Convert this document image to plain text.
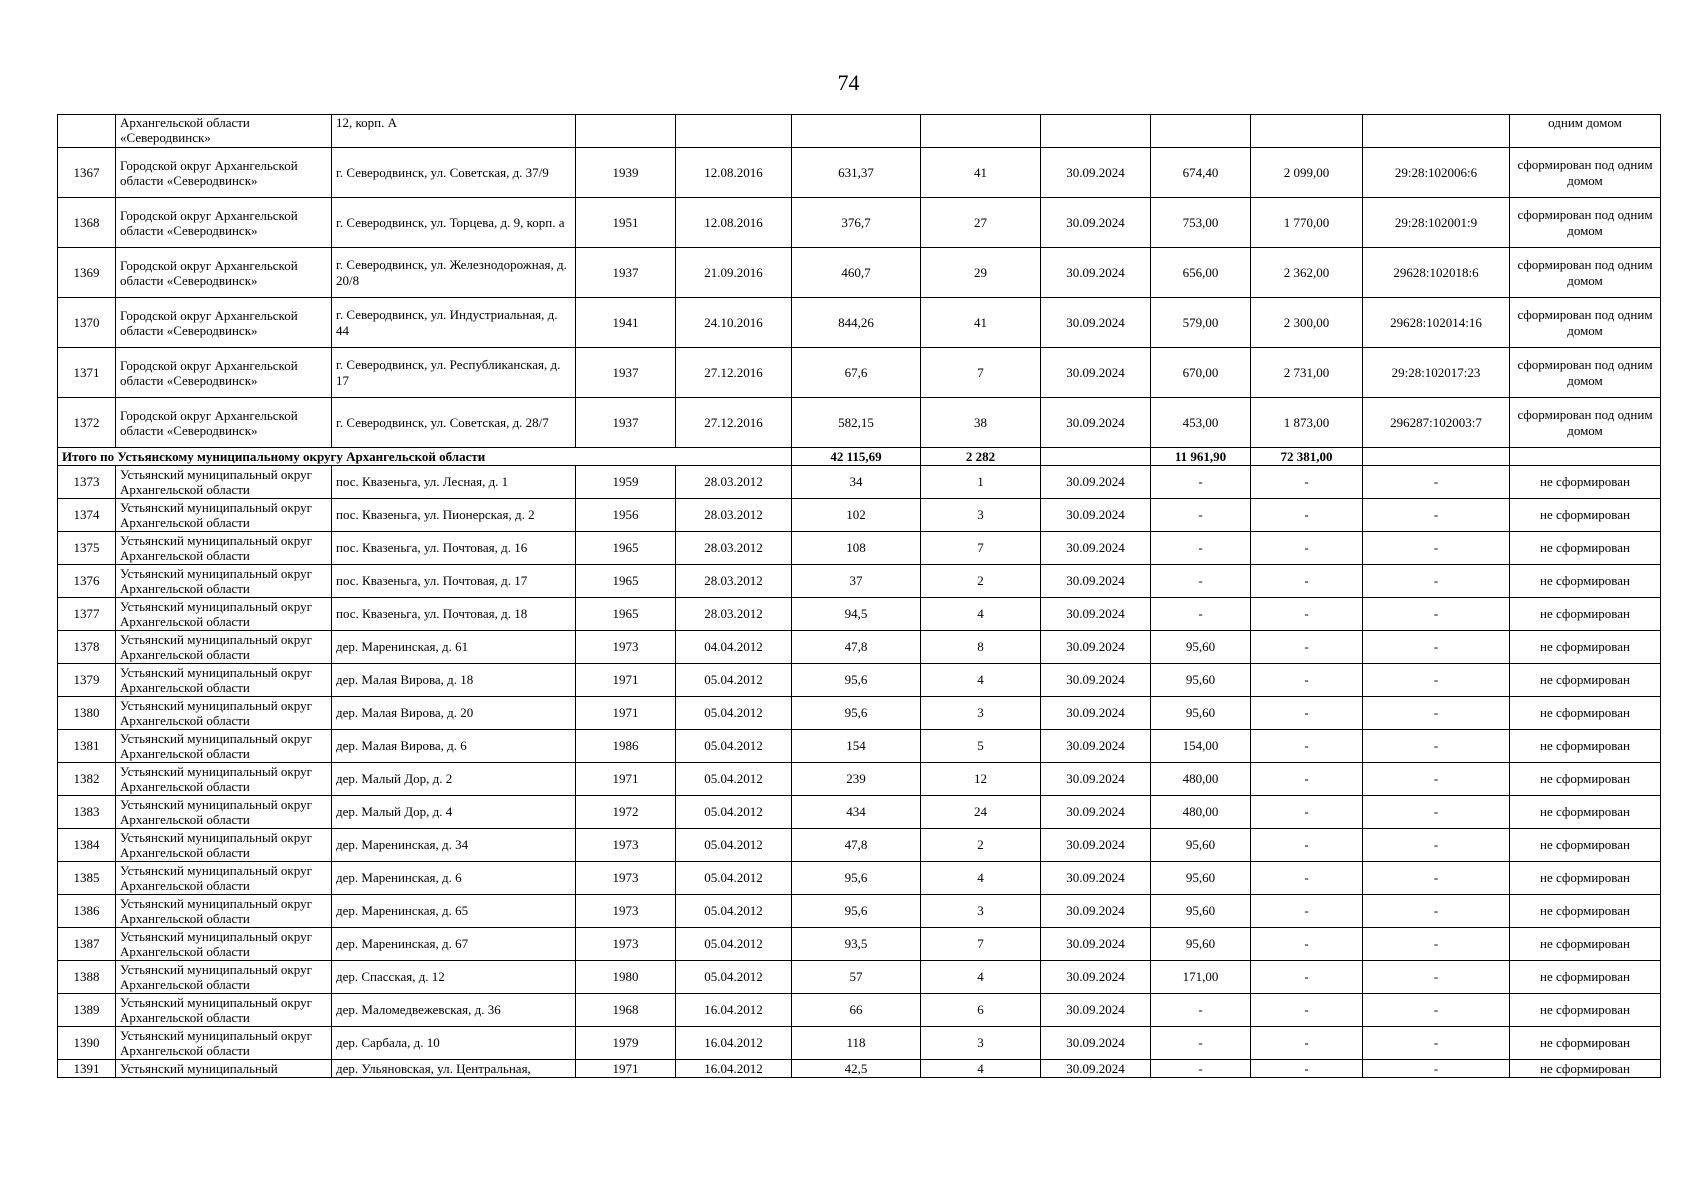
74
	Архангельской области «Северодвинск»	12, корп. А									одним домом
1367	Городской округ Архангельской области «Северодвинск»	г. Северодвинск, ул. Советская, д. 37/9	1939	12.08.2016	631,37	41	30.09.2024	674,40	2 099,00	29:28:102006:6	сформирован под одним домом
1368	Городской округ Архангельской области «Северодвинск»	г. Северодвинск, ул. Торцева, д. 9, корп. а	1951	12.08.2016	376,7	27	30.09.2024	753,00	1 770,00	29:28:102001:9	сформирован под одним домом
1369	Городской округ Архангельской области «Северодвинск»	г. Северодвинск, ул. Железнодорожная, д. 20/8	1937	21.09.2016	460,7	29	30.09.2024	656,00	2 362,00	29628:102018:6	сформирован под одним домом
1370	Городской округ Архангельской области «Северодвинск»	г. Северодвинск, ул. Индустриальная, д. 44	1941	24.10.2016	844,26	41	30.09.2024	579,00	2 300,00	29628:102014:16	сформирован под одним домом
1371	Городской округ Архангельской области «Северодвинск»	г. Северодвинск, ул. Республиканская, д. 17	1937	27.12.2016	67,6	7	30.09.2024	670,00	2 731,00	29:28:102017:23	сформирован под одним домом
1372	Городской округ Архангельской области «Северодвинск»	г. Северодвинск, ул. Советская, д. 28/7	1937	27.12.2016	582,15	38	30.09.2024	453,00	1 873,00	296287:102003:7	сформирован под одним домом
Итого по Устьянскому муниципальному округу Архангельской области					42 115,69	2 282		11 961,90	72 381,00		
1373	Устьянский муниципальный округ Архангельской области	пос. Квазеньга, ул. Лесная, д. 1	1959	28.03.2012	34	1	30.09.2024	-	-	-	не сформирован
1374	Устьянский муниципальный округ Архангельской области	пос. Квазеньга, ул. Пионерская, д. 2	1956	28.03.2012	102	3	30.09.2024	-	-	-	не сформирован
1375	Устьянский муниципальный округ Архангельской области	пос. Квазеньга, ул. Почтовая, д. 16	1965	28.03.2012	108	7	30.09.2024	-	-	-	не сформирован
1376	Устьянский муниципальный округ Архангельской области	пос. Квазеньга, ул. Почтовая, д. 17	1965	28.03.2012	37	2	30.09.2024	-	-	-	не сформирован
1377	Устьянский муниципальный округ Архангельской области	пос. Квазеньга, ул. Почтовая, д. 18	1965	28.03.2012	94,5	4	30.09.2024	-	-	-	не сформирован
1378	Устьянский муниципальный округ Архангельской области	дер. Маренинская, д. 61	1973	04.04.2012	47,8	8	30.09.2024	95,60	-	-	не сформирован
1379	Устьянский муниципальный округ Архангельской области	дер. Малая Вирова, д. 18	1971	05.04.2012	95,6	4	30.09.2024	95,60	-	-	не сформирован
1380	Устьянский муниципальный округ Архангельской области	дер. Малая Вирова, д. 20	1971	05.04.2012	95,6	3	30.09.2024	95,60	-	-	не сформирован
1381	Устьянский муниципальный округ Архангельской области	дер. Малая Вирова, д. 6	1986	05.04.2012	154	5	30.09.2024	154,00	-	-	не сформирован
1382	Устьянский муниципальный округ Архангельской области	дер. Малый Дор, д. 2	1971	05.04.2012	239	12	30.09.2024	480,00	-	-	не сформирован
1383	Устьянский муниципальный округ Архангельской области	дер. Малый Дор, д. 4	1972	05.04.2012	434	24	30.09.2024	480,00	-	-	не сформирован
1384	Устьянский муниципальный округ Архангельской области	дер. Маренинская, д. 34	1973	05.04.2012	47,8	2	30.09.2024	95,60	-	-	не сформирован
1385	Устьянский муниципальный округ Архангельской области	дер. Маренинская, д. 6	1973	05.04.2012	95,6	4	30.09.2024	95,60	-	-	не сформирован
1386	Устьянский муниципальный округ Архангельской области	дер. Маренинская, д. 65	1973	05.04.2012	95,6	3	30.09.2024	95,60	-	-	не сформирован
1387	Устьянский муниципальный округ Архангельской области	дер. Маренинская, д. 67	1973	05.04.2012	93,5	7	30.09.2024	95,60	-	-	не сформирован
1388	Устьянский муниципальный округ Архангельской области	дер. Спасская, д. 12	1980	05.04.2012	57	4	30.09.2024	171,00	-	-	не сформирован
1389	Устьянский муниципальный округ Архангельской области	дер. Маломедвежевская, д. 36	1968	16.04.2012	66	6	30.09.2024	-	-	-	не сформирован
1390	Устьянский муниципальный округ Архангельской области	дер. Сарбала, д. 10	1979	16.04.2012	118	3	30.09.2024	-	-	-	не сформирован
1391	Устьянский муниципальный	дер. Ульяновская, ул. Центральная,	1971	16.04.2012	42,5	4	30.09.2024	-	-	-	не сформирован
